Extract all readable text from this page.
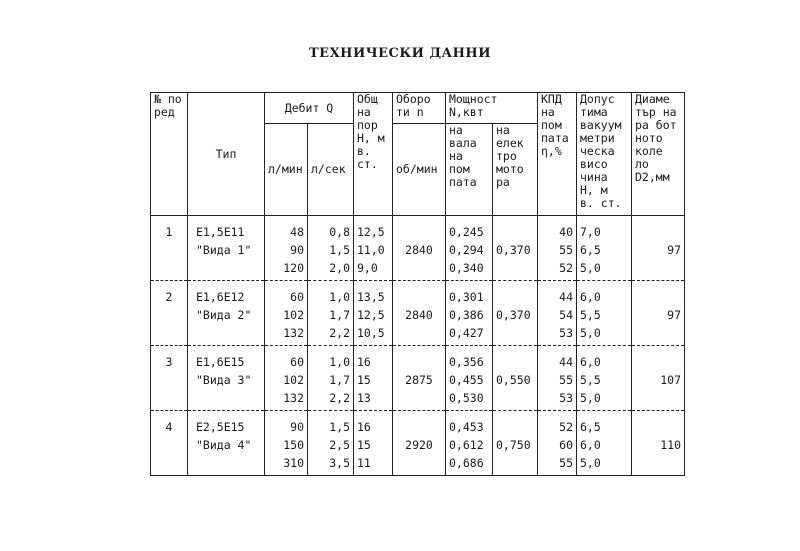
ТЕХНИЧЕСКИ ДАННИ
№ по ред	Тип	Дебит Q		Общ на пор Н, м в. ст.	Оборо ти n	Мощност N,квт		КПД на пом пата η,%	Допус тима вакуум метри ческа висо чина Н, м в. ст.	Диаме тър на ра бот ното коле ло D2,мм
		л/мин	л/сек		об/мин	на вала на пом пата	на елек тро мото ра			
1	Е1,5Е11	48	0,8	12,5		0,245		40	7,0	
	"Вида 1"	90	1,5	11,0	2840	0,294	0,370	55	6,5	97
		120	2,0	9,0		0,340		52	5,0	
2	Е1,6Е12	60	1,0	13,5		0,301		44	6,0	
	"Вида 2"	102	1,7	12,5	2840	0,386	0,370	54	5,5	97
		132	2,2	10,5		0,427		53	5,0	
3	Е1,6Е15	60	1,0	16		0,356		44	6,0	
	"Вида 3"	102	1,7	15	2875	0,455	0,550	55	5,5	107
		132	2,2	13		0,530		53	5,0	
4	Е2,5Е15	90	1,5	16		0,453		52	6,5	
	"Вида 4"	150	2,5	15	2920	0,612	0,750	60	6,0	110
		310	3,5	11		0,686		55	5,0	
